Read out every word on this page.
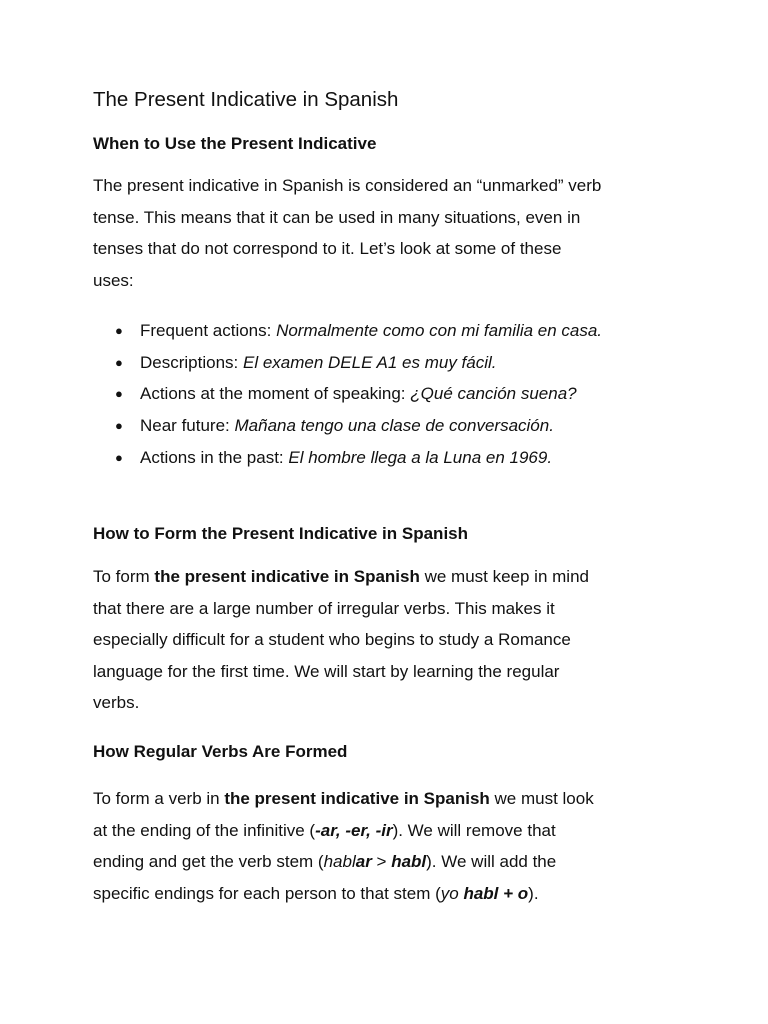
The Present Indicative in Spanish
When to Use the Present Indicative

The present indicative in Spanish is considered an “unmarked” verb
tense. This means that it can be used in many situations, even in
tenses that do not correspond to it. Let’s look at some of these
uses:

● Frequent actions: Normalmente como con mi familia en casa.
● Descriptions: El examen DELE A1 es muy fácil.
● Actions at the moment of speaking: ¿Qué canción suena?
● Near future: Mañana tengo una clase de conversación.
● Actions in the past: El hombre llega a la Luna en 1969.
How to Form the Present Indicative in Spanish

To form the present indicative in Spanish we must keep in mind
that there are a large number of irregular verbs. This makes it
especially difficult for a student who begins to study a Romance
language for the first time. We will start by learning the regular
verbs.

How Regular Verbs Are Formed

To form a verb in the present indicative in Spanish we must look
at the ending of the infinitive (-ar, -er, -ir). We will remove that
ending and get the verb stem (hablar > habl). We will add the
specific endings for each person to that stem (yo habl + o).
